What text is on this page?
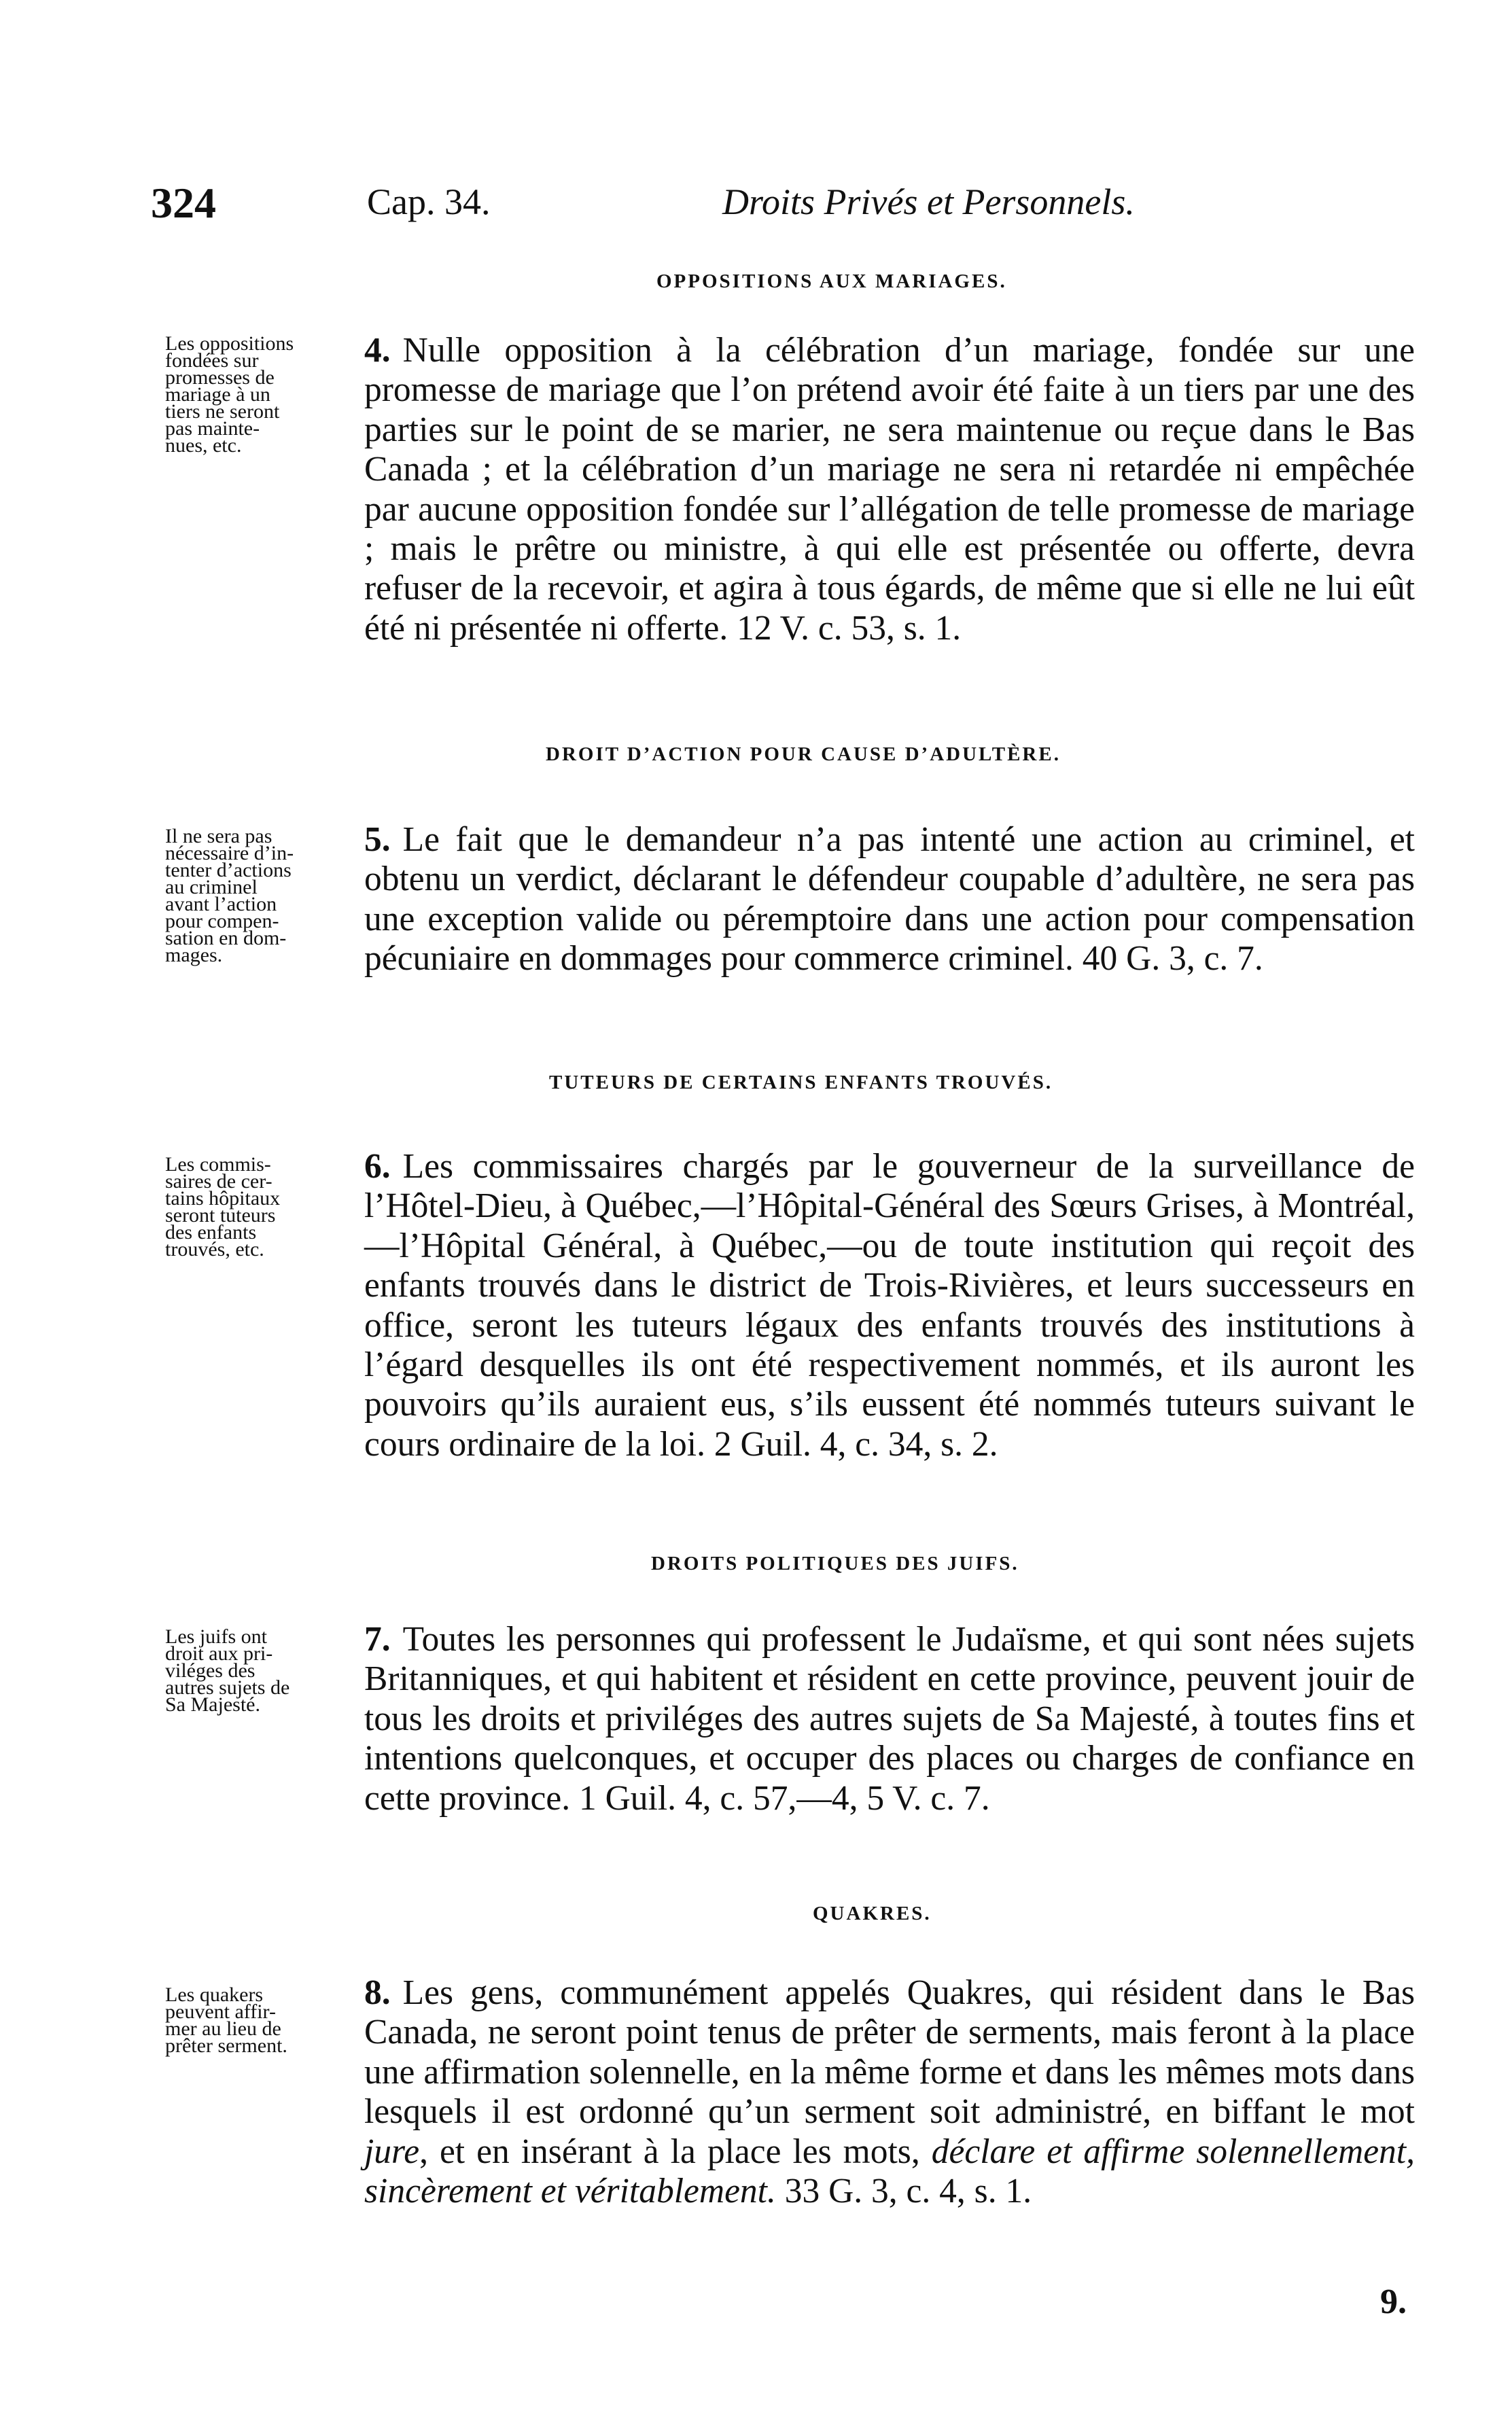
324	Cap. 34.	Droits Privés et Personnels.
OPPOSITIONS AUX MARIAGES.
Les oppositions
fondées sur
promesses de
mariage à un
tiers ne seront
pas mainte-
nues, etc.
4. Nulle opposition à la célébration d’un mariage, fondée sur une promesse de mariage que l’on prétend avoir été faite à un tiers par une des parties sur le point de se marier, ne sera maintenue ou reçue dans le Bas Canada ; et la célébration d’un mariage ne sera ni retardée ni empêchée par aucune opposition fondée sur l’allégation de telle promesse de mariage ; mais le prêtre ou ministre, à qui elle est présentée ou offerte, devra refuser de la recevoir, et agira à tous égards, de même que si elle ne lui eût été ni présentée ni offerte. 12 V. c. 53, s. 1.
DROIT D’ACTION POUR CAUSE D’ADULTÈRE.
Il ne sera pas
nécessaire d’in-
tenter d’actions
au criminel
avant l’action
pour compen-
sation en dom-
mages.
5. Le fait que le demandeur n’a pas intenté une action au criminel, et obtenu un verdict, déclarant le défendeur coupable d’adultère, ne sera pas une exception valide ou péremptoire dans une action pour compensation pécuniaire en dommages pour commerce criminel. 40 G. 3, c. 7.
TUTEURS DE CERTAINS ENFANTS TROUVÉS.
Les commis-
saires de cer-
tains hôpitaux
seront tuteurs
des enfants
trouvés, etc.
6. Les commissaires chargés par le gouverneur de la surveillance de l’Hôtel-Dieu, à Québec,—l’Hôpital-Général des Sœurs Grises, à Montréal,—l’Hôpital Général, à Québec,—ou de toute institution qui reçoit des enfants trouvés dans le district de Trois-Rivières, et leurs successeurs en office, seront les tuteurs légaux des enfants trouvés des institutions à l’égard desquelles ils ont été respectivement nommés, et ils auront les pouvoirs qu’ils auraient eus, s’ils eussent été nommés tuteurs suivant le cours ordinaire de la loi. 2 Guil. 4, c. 34, s. 2.
DROITS POLITIQUES DES JUIFS.
Les juifs ont
droit aux pri-
viléges des
autres sujets de
Sa Majesté.
7. Toutes les personnes qui professent le Judaïsme, et qui sont nées sujets Britanniques, et qui habitent et résident en cette province, peuvent jouir de tous les droits et priviléges des autres sujets de Sa Majesté, à toutes fins et intentions quelconques, et occuper des places ou charges de confiance en cette province. 1 Guil. 4, c. 57,—4, 5 V. c. 7.
QUAKRES.
Les quakers
peuvent affir-
mer au lieu de
prêter serment.
8. Les gens, communément appelés Quakres, qui résident dans le Bas Canada, ne seront point tenus de prêter de serments, mais feront à la place une affirmation solennelle, en la même forme et dans les mêmes mots dans lesquels il est ordonné qu’un serment soit administré, en biffant le mot jure, et en insérant à la place les mots, déclare et affirme solennellement, sincèrement et véritablement. 33 G. 3, c. 4, s. 1.
9.
